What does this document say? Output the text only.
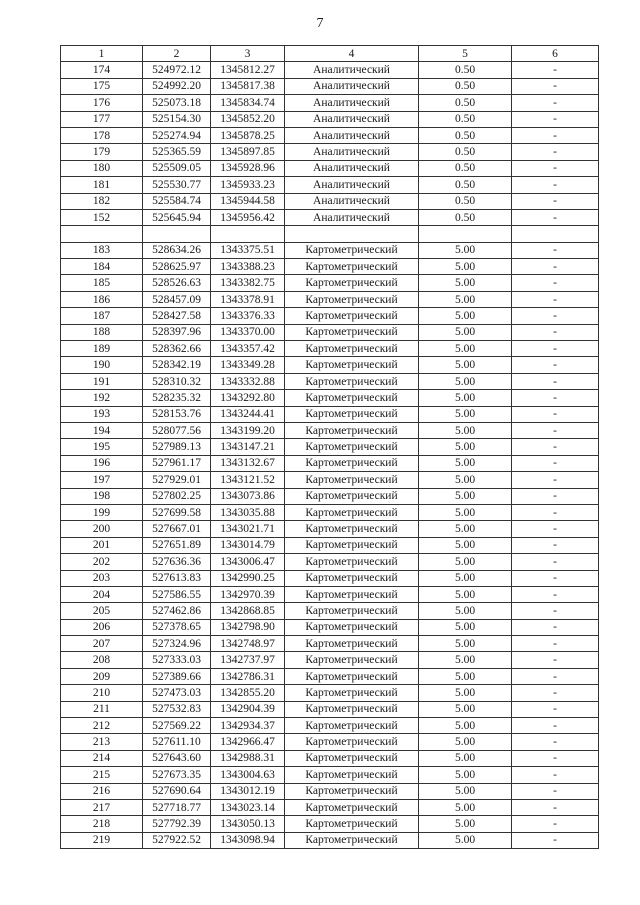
7
1	2	3	4	5	6
174	524972.12	1345812.27	Аналитический	0.50	-
175	524992.20	1345817.38	Аналитический	0.50	-
176	525073.18	1345834.74	Аналитический	0.50	-
177	525154.30	1345852.20	Аналитический	0.50	-
178	525274.94	1345878.25	Аналитический	0.50	-
179	525365.59	1345897.85	Аналитический	0.50	-
180	525509.05	1345928.96	Аналитический	0.50	-
181	525530.77	1345933.23	Аналитический	0.50	-
182	525584.74	1345944.58	Аналитический	0.50	-
152	525645.94	1345956.42	Аналитический	0.50	-

183	528634.26	1343375.51	Картометрический	5.00	-
184	528625.97	1343388.23	Картометрический	5.00	-
185	528526.63	1343382.75	Картометрический	5.00	-
186	528457.09	1343378.91	Картометрический	5.00	-
187	528427.58	1343376.33	Картометрический	5.00	-
188	528397.96	1343370.00	Картометрический	5.00	-
189	528362.66	1343357.42	Картометрический	5.00	-
190	528342.19	1343349.28	Картометрический	5.00	-
191	528310.32	1343332.88	Картометрический	5.00	-
192	528235.32	1343292.80	Картометрический	5.00	-
193	528153.76	1343244.41	Картометрический	5.00	-
194	528077.56	1343199.20	Картометрический	5.00	-
195	527989.13	1343147.21	Картометрический	5.00	-
196	527961.17	1343132.67	Картометрический	5.00	-
197	527929.01	1343121.52	Картометрический	5.00	-
198	527802.25	1343073.86	Картометрический	5.00	-
199	527699.58	1343035.88	Картометрический	5.00	-
200	527667.01	1343021.71	Картометрический	5.00	-
201	527651.89	1343014.79	Картометрический	5.00	-
202	527636.36	1343006.47	Картометрический	5.00	-
203	527613.83	1342990.25	Картометрический	5.00	-
204	527586.55	1342970.39	Картометрический	5.00	-
205	527462.86	1342868.85	Картометрический	5.00	-
206	527378.65	1342798.90	Картометрический	5.00	-
207	527324.96	1342748.97	Картометрический	5.00	-
208	527333.03	1342737.97	Картометрический	5.00	-
209	527389.66	1342786.31	Картометрический	5.00	-
210	527473.03	1342855.20	Картометрический	5.00	-
211	527532.83	1342904.39	Картометрический	5.00	-
212	527569.22	1342934.37	Картометрический	5.00	-
213	527611.10	1342966.47	Картометрический	5.00	-
214	527643.60	1342988.31	Картометрический	5.00	-
215	527673.35	1343004.63	Картометрический	5.00	-
216	527690.64	1343012.19	Картометрический	5.00	-
217	527718.77	1343023.14	Картометрический	5.00	-
218	527792.39	1343050.13	Картометрический	5.00	-
219	527922.52	1343098.94	Картометрический	5.00	-
